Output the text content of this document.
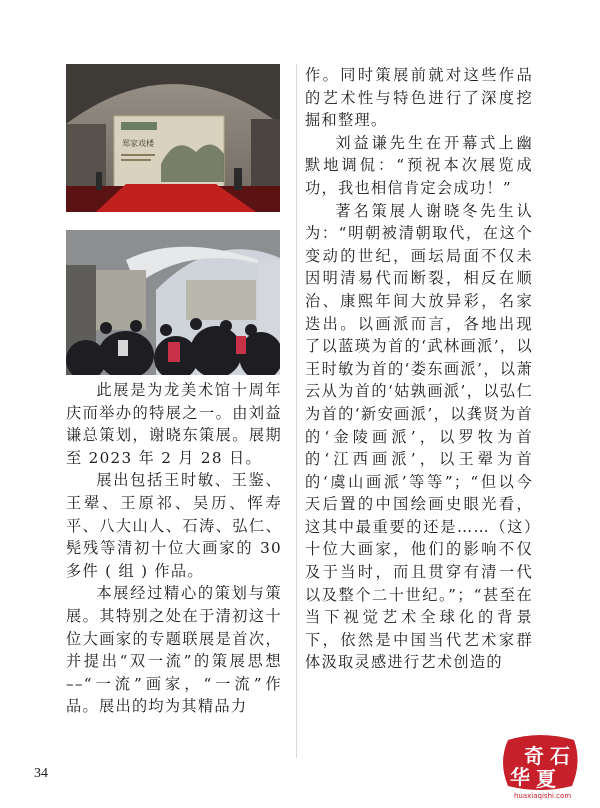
郑家戏楼

此展是为龙美术馆十周年庆而举办的特展之一。由刘益谦总策划，谢晓东策展。展期至 2023 年 2 月 28 日。

展出包括王时敏、王鉴、王翚、王原祁、吴历、恽寿平、八大山人、石涛、弘仁、髡残等清初十位大画家的 30 多件 ( 组 ) 作品。

本展经过精心的策划与策展。其特别之处在于清初这十位大画家的专题联展是首次，并提出“双一流”的策展思想 ––“一流”画家，“一流”作品。展出的均为其精品力

作。同时策展前就对这些作品的艺术性与特色进行了深度挖掘和整理。

刘益谦先生在开幕式上幽默地调侃：“预祝本次展览成功，我也相信肯定会成功！”

著名策展人谢晓冬先生认为：“明朝被清朝取代，在这个变动的世纪，画坛局面不仅未因明清易代而断裂，相反在顺治、康熙年间大放异彩，名家迭出。以画派而言，各地出现了以蓝瑛为首的‘武林画派’，以王时敏为首的‘娄东画派’，以萧云从为首的‘姑孰画派’，以弘仁为首的‘新安画派’，以龚贤为首的‘金陵画派’，以罗牧为首的‘江西画派’，以王翚为首的‘虞山画派’等等”；“但以今天后置的中国绘画史眼光看，这其中最重要的还是……（这）十位大画家，他们的影响不仅及于当时，而且贯穿有清一代以及整个二十世纪。”；“甚至在当下视觉艺术全球化的背景下，依然是中国当代艺术家群体汲取灵感进行艺术创造的

34
奇 石
华 夏
huaxiaqishi.com
